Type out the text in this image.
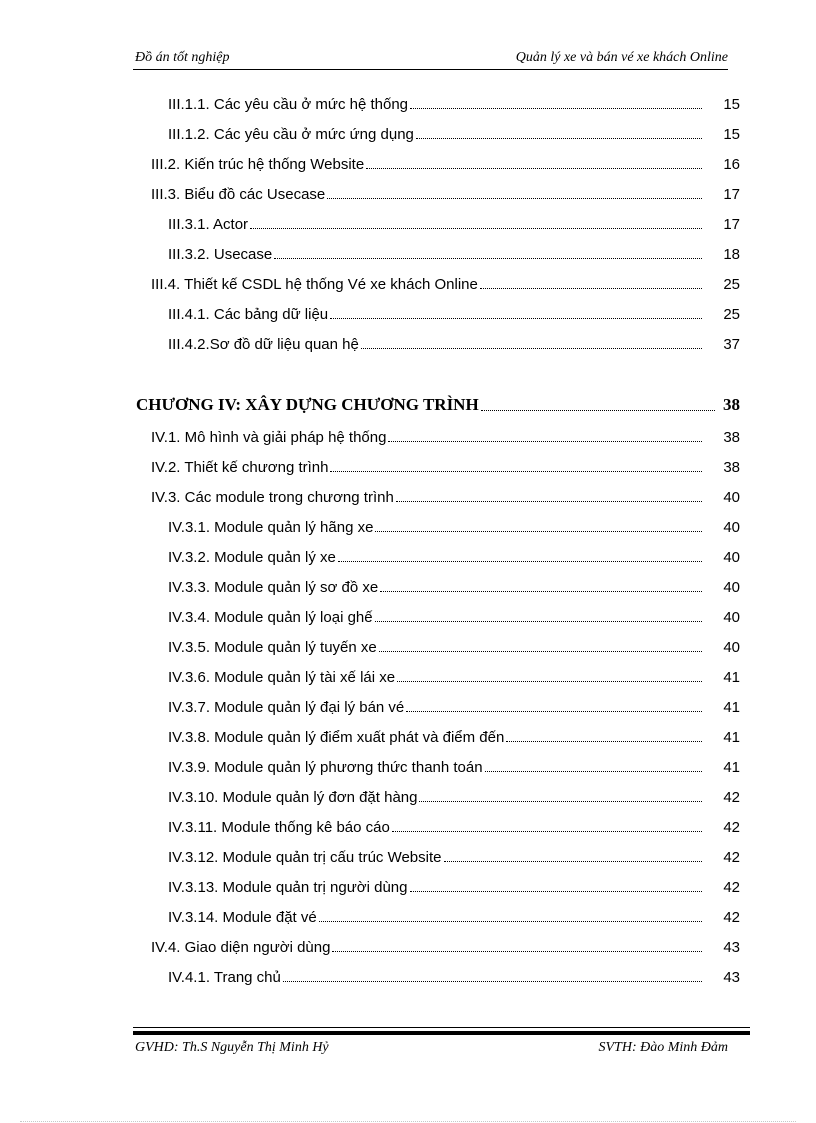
Đồ án tốt nghiệp	Quản lý xe và bán vé xe khách Online
III.1.1. Các yêu cầu ở mức hệ thống	15
III.1.2. Các yêu cầu ở mức ứng dụng	15
III.2. Kiến trúc hệ thống Website	16
III.3. Biểu đồ các Usecase	17
III.3.1. Actor	17
III.3.2. Usecase	18
III.4. Thiết kế CSDL hệ thống Vé xe khách Online	25
III.4.1. Các bảng dữ liệu	25
III.4.2.Sơ đồ dữ liệu quan hệ	37
CHƯƠNG IV: XÂY DỰNG CHƯƠNG TRÌNH	38
IV.1. Mô hình và giải pháp hệ thống	38
IV.2. Thiết kế chương trình	38
IV.3. Các module trong chương trình	40
IV.3.1. Module quản lý hãng xe	40
IV.3.2. Module quản lý xe	40
IV.3.3. Module quản lý sơ đồ xe	40
IV.3.4. Module quản lý loại ghế	40
IV.3.5. Module quản lý tuyến xe	40
IV.3.6. Module quản lý tài xế lái xe	41
IV.3.7. Module quản lý đại lý bán vé	41
IV.3.8. Module quản lý điểm xuất phát và điểm đến	41
IV.3.9. Module quản lý phương thức thanh toán	41
IV.3.10. Module quản lý đơn đặt hàng	42
IV.3.11. Module thống kê báo cáo	42
IV.3.12. Module quản trị cấu trúc Website	42
IV.3.13. Module quản trị người dùng	42
IV.3.14. Module đặt vé	42
IV.4. Giao diện người dùng	43
IV.4.1. Trang chủ	43
GVHD: Th.S Nguyễn Thị Minh Hỷ	SVTH: Đào Minh Đảm
